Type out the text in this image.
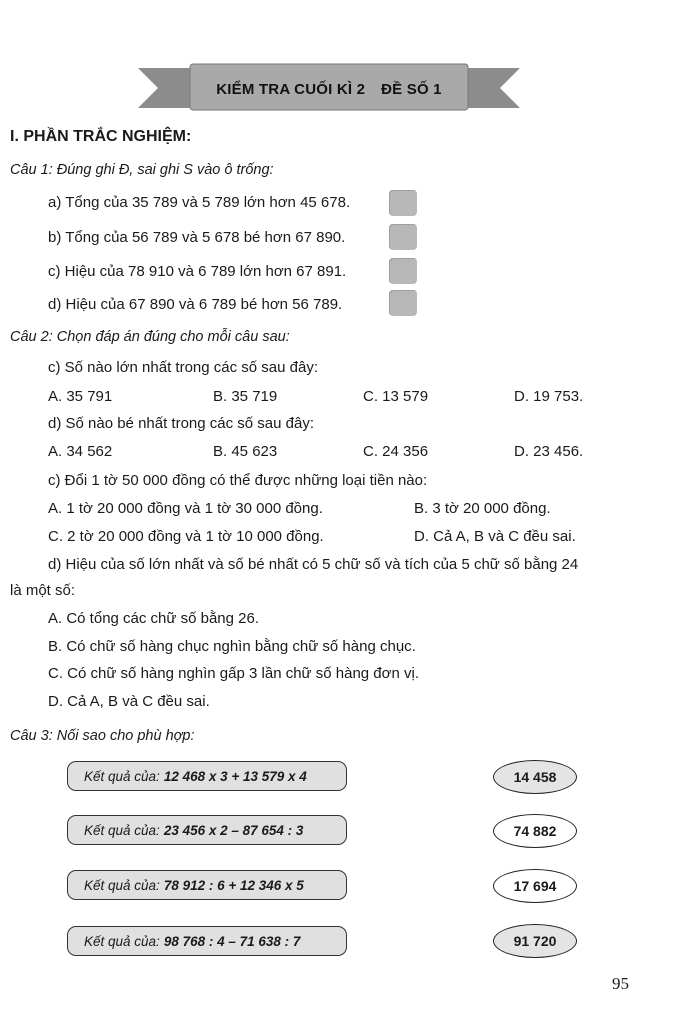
KIỂM TRA CUỐI KÌ 2 ĐỀ SỐ 1
I. PHẦN TRẮC NGHIỆM:
Câu 1: Đúng ghi Đ, sai ghi S vào ô trống:
a) Tổng của 35 789 và 5 789 lớn hơn 45 678.
b) Tổng của 56 789 và 5 678 bé hơn 67 890.
c) Hiệu của 78 910 và 6 789 lớn hơn 67 891.
d) Hiệu của 67 890 và 6 789 bé hơn 56 789.
Câu 2: Chọn đáp án đúng cho mỗi câu sau:
c) Số nào lớn nhất trong các số sau đây:
A. 35 791	B. 35 719	C. 13 579	D. 19 753.
d) Số nào bé nhất trong các số sau đây:
A. 34 562	B. 45 623	C. 24 356	D. 23 456.
c) Đổi 1 tờ 50 000 đồng có thể được những loại tiền nào:
A. 1 tờ 20 000 đồng và 1 tờ 30 000 đồng.	B. 3 tờ 20 000 đồng.
C. 2 tờ 20 000 đồng và 1 tờ 10 000 đồng.	D. Cả A, B và C đều sai.
d) Hiệu của số lớn nhất và số bé nhất có 5 chữ số và tích của 5 chữ số bằng 24
là một số:
A. Có tổng các chữ số bằng 26.
B. Có chữ số hàng chục nghìn bằng chữ số hàng chục.
C. Có chữ số hàng nghìn gấp 3 lần chữ số hàng đơn vị.
D. Cả A, B và C đều sai.
Câu 3: Nối sao cho phù hợp:
Kết quả của: 12 468 x 3 + 13 579 x 4	14 458
Kết quả của: 23 456 x 2 – 87 654 : 3	74 882
Kết quả của: 78 912 : 6 + 12 346 x 5	17 694
Kết quả của: 98 768 : 4 – 71 638 : 7	91 720
95
